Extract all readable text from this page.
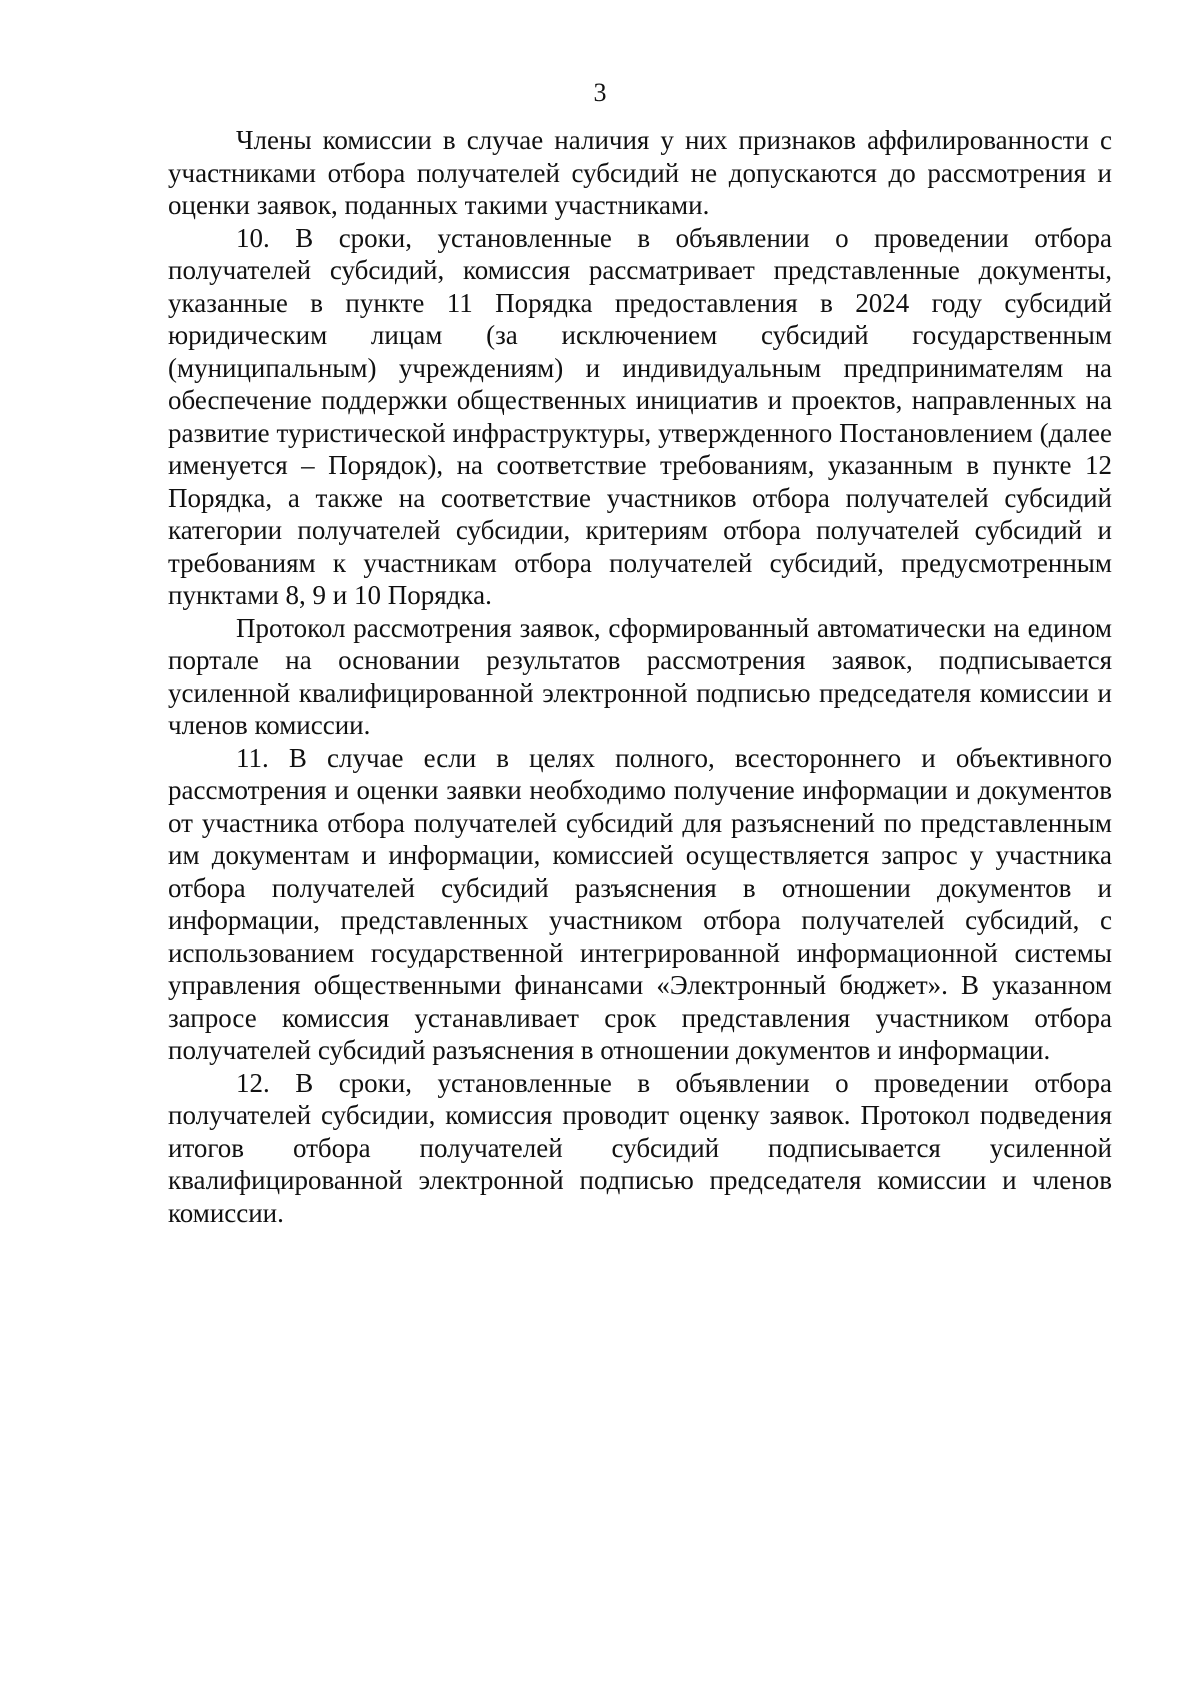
3

Члены комиссии в случае наличия у них признаков аффилированности с участниками отбора получателей субсидий не допускаются до рассмотрения и оценки заявок, поданных такими участниками.

10. В сроки, установленные в объявлении о проведении отбора получателей субсидий, комиссия рассматривает представленные документы, указанные в пункте 11 Порядка предоставления в 2024 году субсидий юридическим лицам (за исключением субсидий государственным (муниципальным) учреждениям) и индивидуальным предпринимателям на обеспечение поддержки общественных инициатив и проектов, направленных на развитие туристической инфраструктуры, утвержденного Постановлением (далее именуется – Порядок), на соответствие требованиям, указанным в пункте 12 Порядка, а также на соответствие участников отбора получателей субсидий категории получателей субсидии, критериям отбора получателей субсидий и требованиям к участникам отбора получателей субсидий, предусмотренным пунктами 8, 9 и 10 Порядка.

Протокол рассмотрения заявок, сформированный автоматически на едином портале на основании результатов рассмотрения заявок, подписывается усиленной квалифицированной электронной подписью председателя комиссии и членов комиссии.

11. В случае если в целях полного, всестороннего и объективного рассмотрения и оценки заявки необходимо получение информации и документов от участника отбора получателей субсидий для разъяснений по представленным им документам и информации, комиссией осуществляется запрос у участника отбора получателей субсидий разъяснения в отношении документов и информации, представленных участником отбора получателей субсидий, с использованием государственной интегрированной информационной системы управления общественными финансами «Электронный бюджет». В указанном запросе комиссия устанавливает срок представления участником отбора получателей субсидий разъяснения в отношении документов и информации.

12. В сроки, установленные в объявлении о проведении отбора получателей субсидии, комиссия проводит оценку заявок. Протокол подведения итогов отбора получателей субсидий подписывается усиленной квалифицированной электронной подписью председателя комиссии и членов комиссии.
